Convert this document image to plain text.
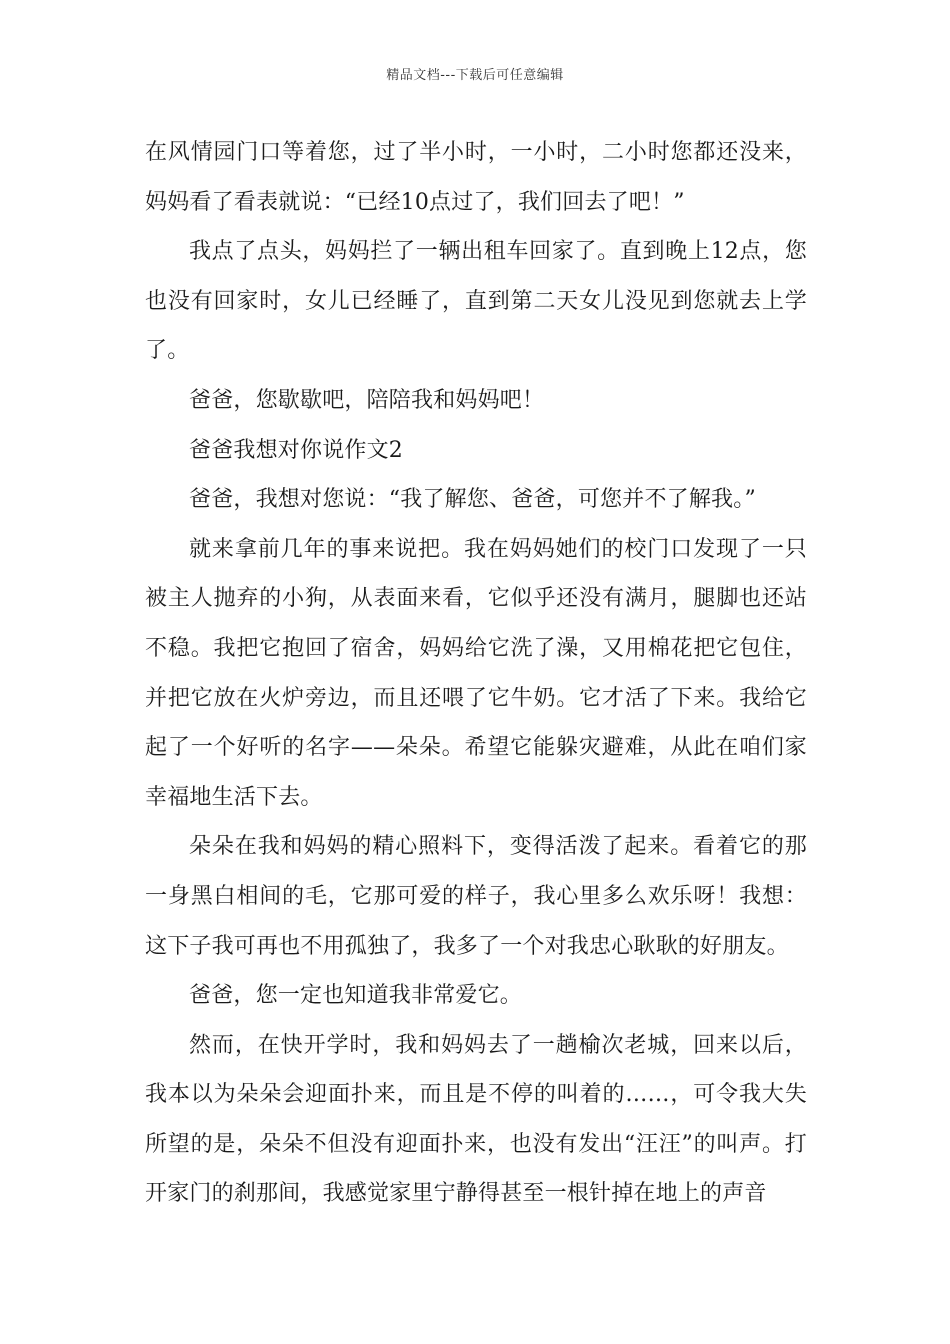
精品文档---下载后可任意编辑

在风情园门口等着您，过了半小时，一小时，二小时您都还没来，妈妈看了看表就说：“已经10点过了，我们回去了吧！”

我点了点头，妈妈拦了一辆出租车回家了。直到晚上12点，您也没有回家时，女儿已经睡了，直到第二天女儿没见到您就去上学了。

爸爸，您歇歇吧，陪陪我和妈妈吧！

爸爸我想对你说作文2

爸爸，我想对您说：“我了解您、爸爸，可您并不了解我。”

就来拿前几年的事来说把。我在妈妈她们的校门口发现了一只被主人抛弃的小狗，从表面来看，它似乎还没有满月，腿脚也还站不稳。我把它抱回了宿舍，妈妈给它洗了澡，又用棉花把它包住，并把它放在火炉旁边，而且还喂了它牛奶。它才活了下来。我给它起了一个好听的名字——朵朵。希望它能躲灾避难，从此在咱们家幸福地生活下去。

朵朵在我和妈妈的精心照料下，变得活泼了起来。看着它的那一身黑白相间的毛，它那可爱的样子，我心里多么欢乐呀！我想：这下子我可再也不用孤独了，我多了一个对我忠心耿耿的好朋友。

爸爸，您一定也知道我非常爱它。

然而，在快开学时，我和妈妈去了一趟榆次老城，回来以后，我本以为朵朵会迎面扑来，而且是不停的叫着的……，可令我大失所望的是，朵朵不但没有迎面扑来，也没有发出“汪汪”的叫声。打开家门的刹那间，我感觉家里宁静得甚至一根针掉在地上的声音
